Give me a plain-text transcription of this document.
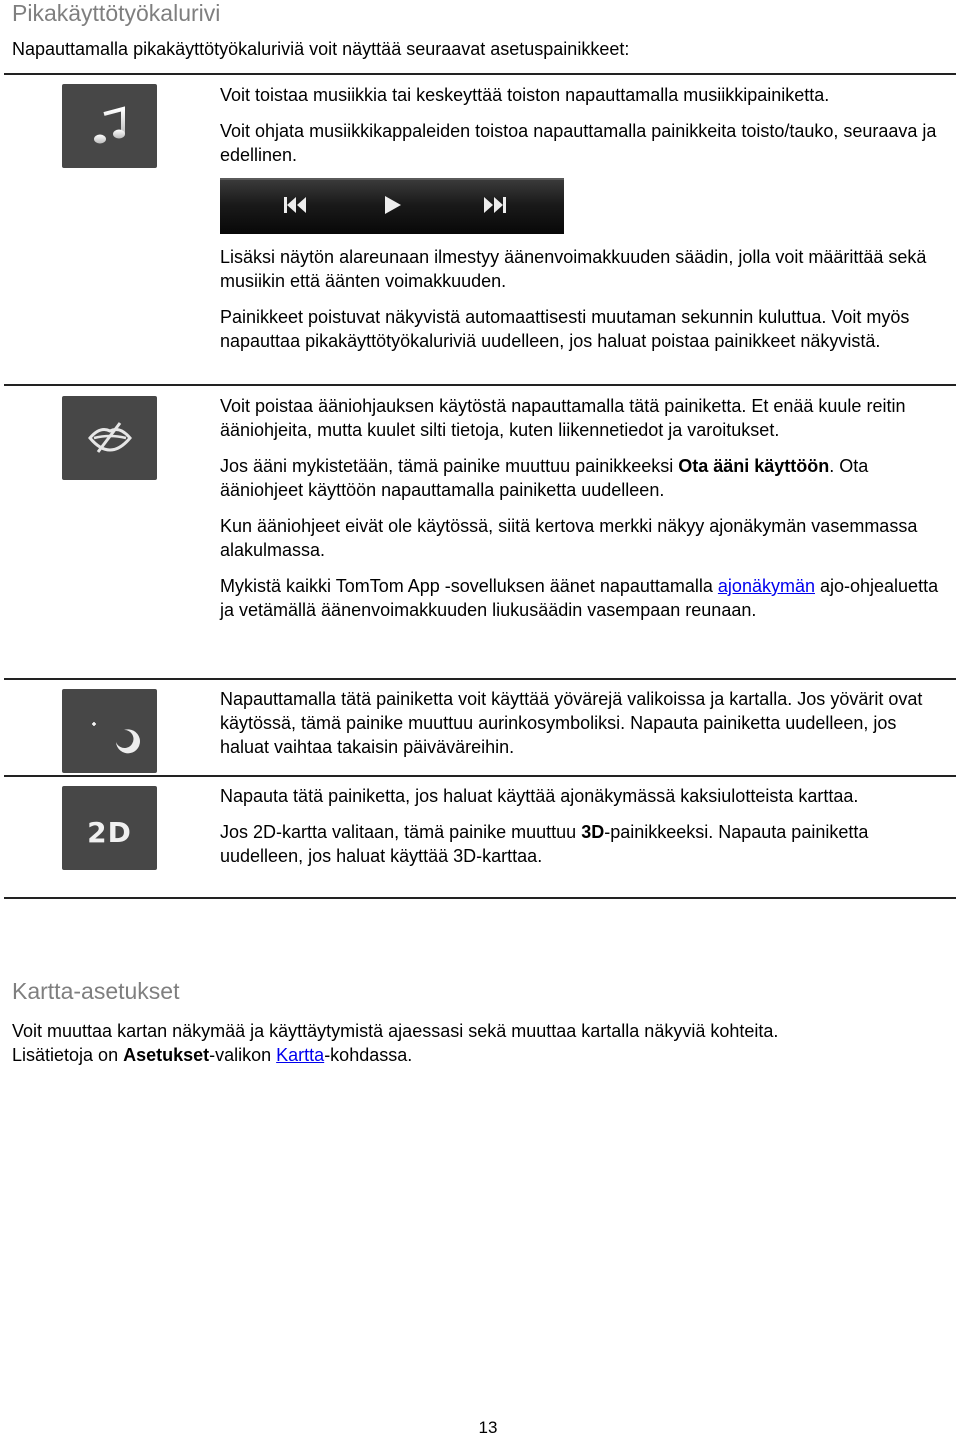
Pikakäyttötyökalurivi
Napauttamalla pikakäyttötyökaluriviä voit näyttää seuraavat asetuspainikkeet:

Voit toistaa musiikkia tai keskeyttää toiston napauttamalla musiikkipainiketta.

Voit ohjata musiikkikappaleiden toistoa napauttamalla painikkeita toisto/tauko, seuraava ja edellinen.

Lisäksi näytön alareunaan ilmestyy äänenvoimakkuuden säädin, jolla voit määrittää sekä musiikin että äänten voimakkuuden.

Painikkeet poistuvat näkyvistä automaattisesti muutaman sekunnin kuluttua. Voit myös napauttaa pikakäyttötyökaluriviä uudelleen, jos haluat poistaa painikkeet näkyvistä.

Voit poistaa ääniohjauksen käytöstä napauttamalla tätä painiketta. Et enää kuule reitin ääniohjeita, mutta kuulet silti tietoja, kuten liikennetiedot ja varoitukset.

Jos ääni mykistetään, tämä painike muuttuu painikkeeksi Ota ääni käyttöön. Ota ääniohjeet käyttöön napauttamalla painiketta uudelleen.

Kun ääniohjeet eivät ole käytössä, siitä kertova merkki näkyy ajonäkymän vasemmassa alakulmassa.

Mykistä kaikki TomTom App -sovelluksen äänet napauttamalla ajonäkymän ajo-ohjealuetta ja vetämällä äänenvoimakkuuden liukusäädin vasempaan reunaan.

Napauttamalla tätä painiketta voit käyttää yövärejä valikoissa ja kartalla. Jos yövärit ovat käytössä, tämä painike muuttuu aurinkosymboliksi. Napauta painiketta uudelleen, jos haluat vaihtaa takaisin päivävärеihin.

2D

Napauta tätä painiketta, jos haluat käyttää ajonäkymässä kaksiulotteista karttaa.

Jos 2D-kartta valitaan, tämä painike muuttuu 3D-painikkeeksi. Napauta painiketta uudelleen, jos haluat käyttää 3D-karttaa.

Kartta-asetukset
Voit muuttaa kartan näkymää ja käyttäytymistä ajaessasi sekä muuttaa kartalla näkyviä kohteita.
Lisätietoja on Asetukset-valikon Kartta-kohdassa.
13
